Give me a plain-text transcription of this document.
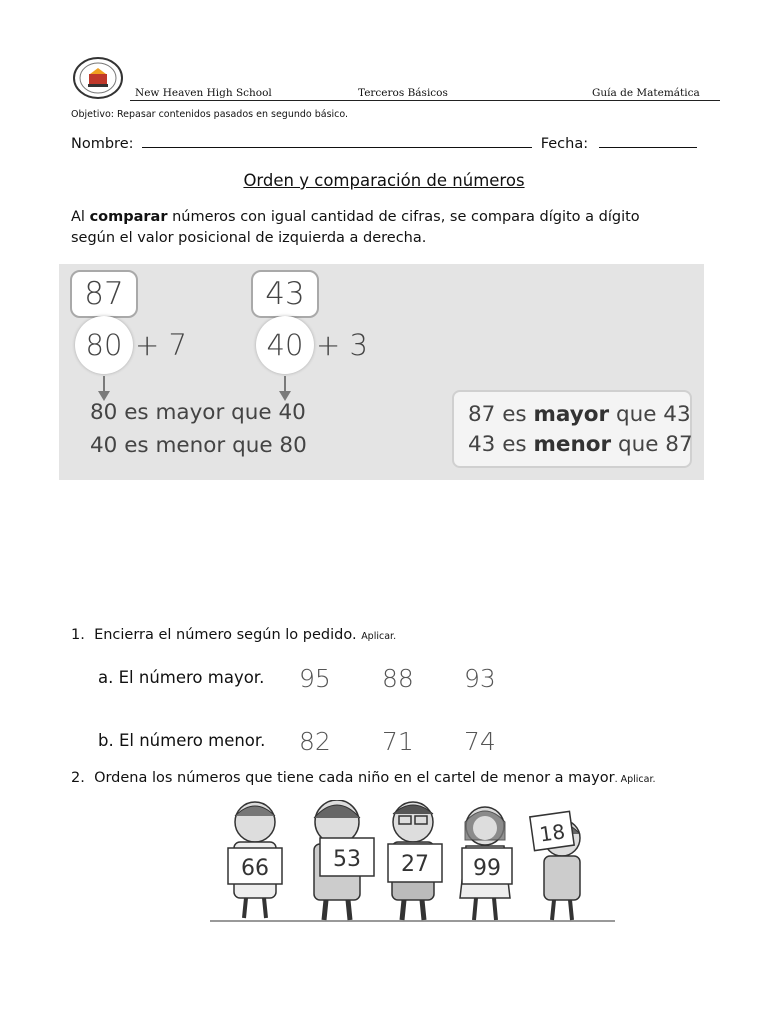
New Heaven High School	Terceros Básicos	Guía de Matemática
Objetivo: Repasar contenidos pasados en segundo básico.
Nombre:	Fecha:
Orden y comparación de números
Al comparar números con igual cantidad de cifras, se compara dígito a dígito
según el valor posicional de izquierda a derecha.
87
80 + 7
43
40 + 3
80 es mayor que 40
40 es menor que 80
87 es mayor que 43
43 es menor que 87
1. Encierra el número según lo pedido. Aplicar.
a. El número mayor. 95 88 93
b. El número menor. 82 71 74
2. Ordena los números que tiene cada niño en el cartel de menor a mayor. Aplicar.
66	53 27 99
18
